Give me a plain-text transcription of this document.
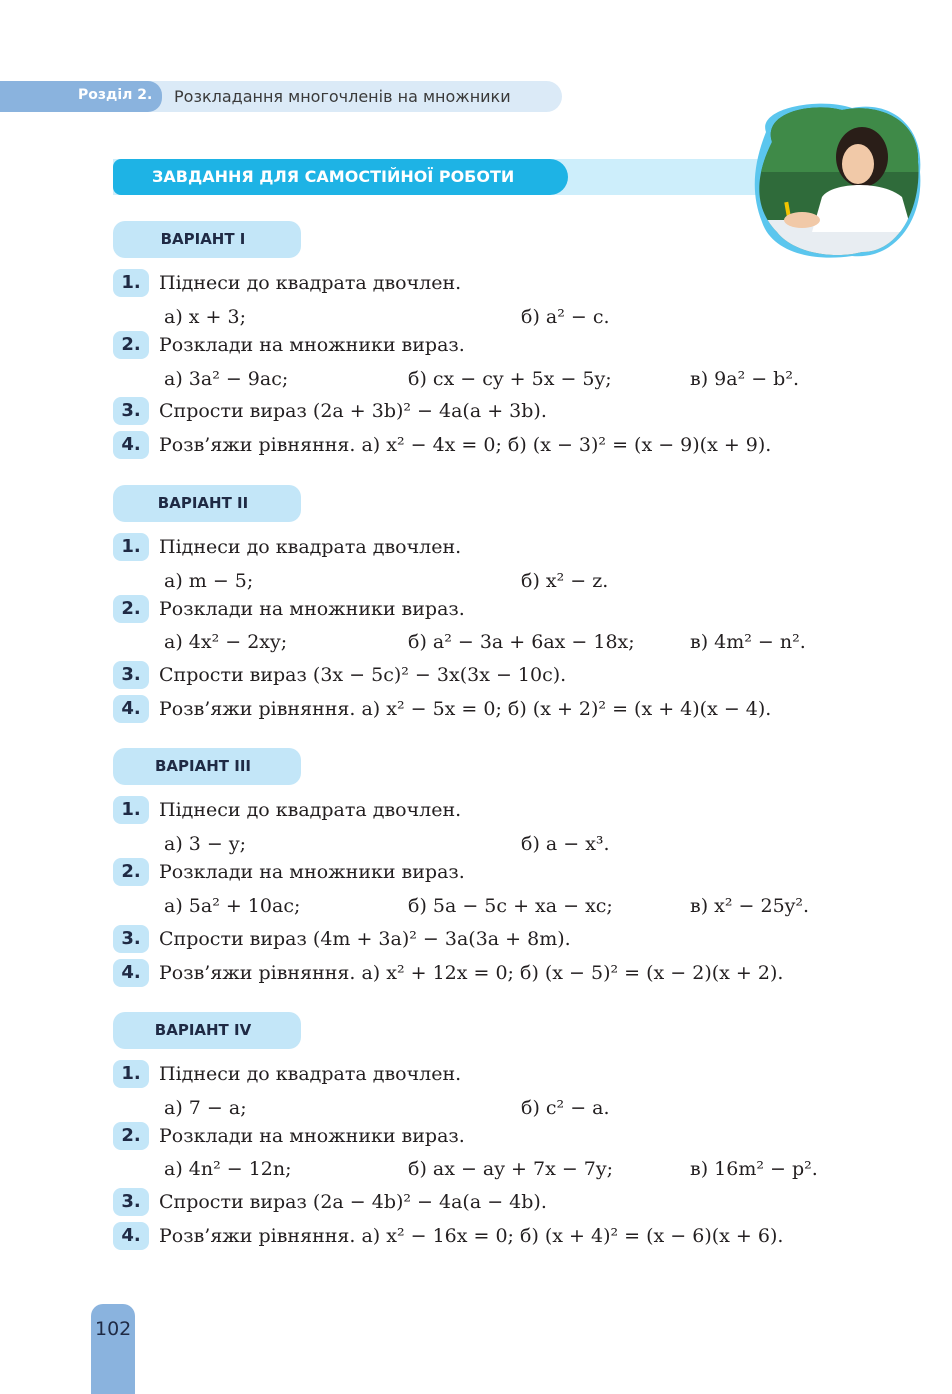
Розділ 2. Розкладання многочленів на множники
ЗАВДАННЯ ДЛЯ САМОСТІЙНОЇ РОБОТИ
ВАРІАНТ І
1. Піднеси до квадрата двочлен.
а) x + 3;	б) a² − c.
2. Розклади на множники вираз.
а) 3a² − 9ac;	б) cx − cy + 5x − 5y;	в) 9a² − b².
3. Спрости вираз (2a + 3b)² − 4a(a + 3b).
4. Розв’яжи рівняння. а) x² − 4x = 0; б) (x − 3)² = (x − 9)(x + 9).
ВАРІАНТ ІІ
1. Піднеси до квадрата двочлен.
а) m − 5;	б) x² − z.
2. Розклади на множники вираз.
а) 4x² − 2xy;	б) a² − 3a + 6ax − 18x;	в) 4m² − n².
3. Спрости вираз (3x − 5c)² − 3x(3x − 10c).
4. Розв’яжи рівняння. а) x² − 5x = 0; б) (x + 2)² = (x + 4)(x − 4).
ВАРІАНТ ІІІ
1. Піднеси до квадрата двочлен.
а) 3 − y;	б) a − x³.
2. Розклади на множники вираз.
а) 5a² + 10ac;	б) 5a − 5c + xa − xc;	в) x² − 25y².
3. Спрости вираз (4m + 3a)² − 3a(3a + 8m).
4. Розв’яжи рівняння. а) x² + 12x = 0; б) (x − 5)² = (x − 2)(x + 2).
ВАРІАНТ IV
1. Піднеси до квадрата двочлен.
а) 7 − a;	б) c² − a.
2. Розклади на множники вираз.
а) 4n² − 12n;	б) ax − ay + 7x − 7y;	в) 16m² − p².
3. Спрости вираз (2a − 4b)² − 4a(a − 4b).
4. Розв’яжи рівняння. а) x² − 16x = 0; б) (x + 4)² = (x − 6)(x + 6).
102
